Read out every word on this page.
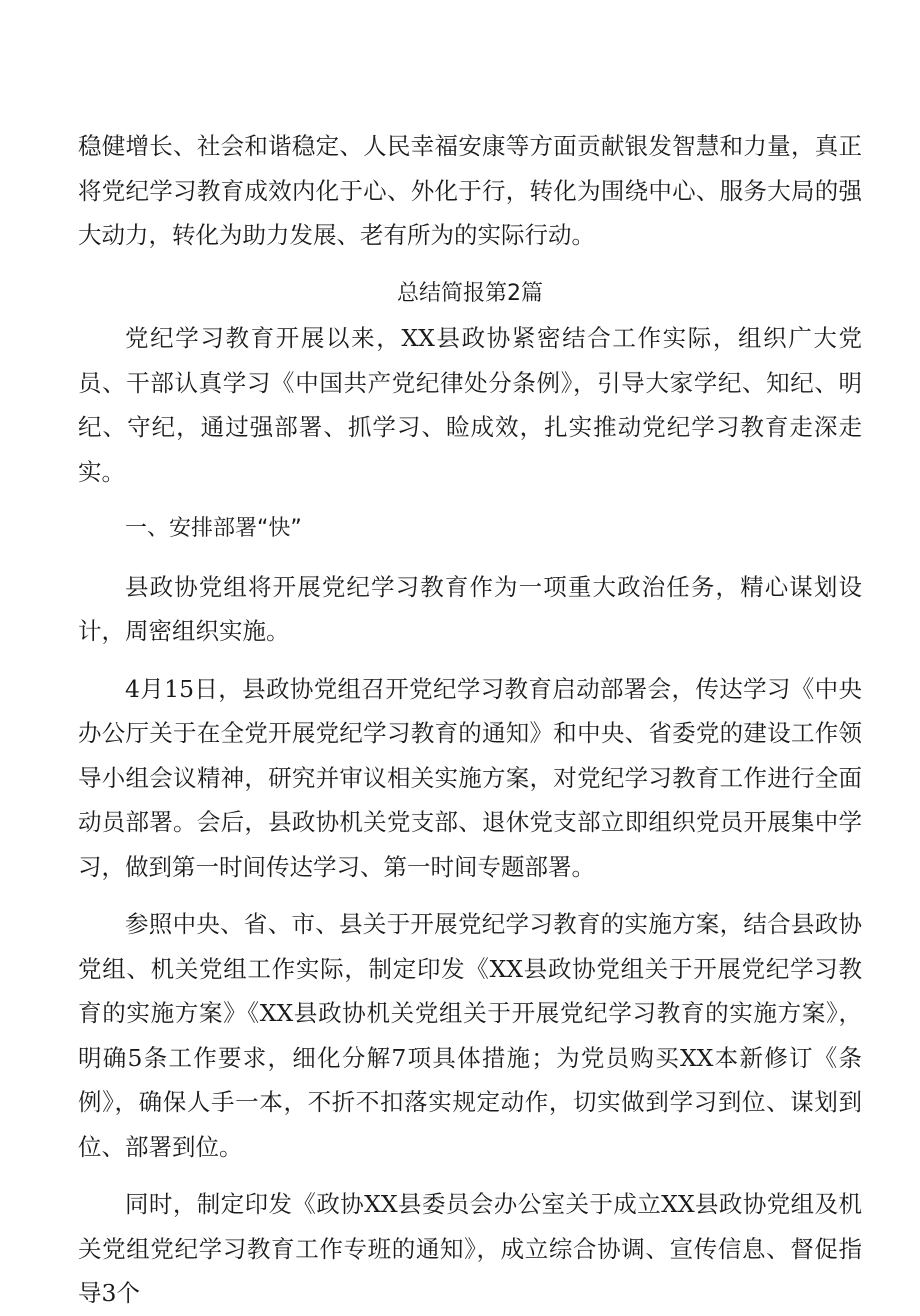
稳健增长、社会和谐稳定、人民幸福安康等方面贡献银发智慧和力量，真正将党纪学习教育成效内化于心、外化于行，转化为围绕中心、服务大局的强大动力，转化为助力发展、老有所为的实际行动。

总结简报第2篇

党纪学习教育开展以来，XX县政协紧密结合工作实际，组织广大党员、干部认真学习《中国共产党纪律处分条例》，引导大家学纪、知纪、明纪、守纪，通过强部署、抓学习、睑成效，扎实推动党纪学习教育走深走实。

一、安排部署“快”

县政协党组将开展党纪学习教育作为一项重大政治任务，精心谋划设计，周密组织实施。

4月15日，县政协党组召开党纪学习教育启动部署会，传达学习《中央办公厅关于在全党开展党纪学习教育的通知》和中央、省委党的建设工作领导小组会议精神，研究并审议相关实施方案，对党纪学习教育工作进行全面动员部署。会后，县政协机关党支部、退休党支部立即组织党员开展集中学习，做到第一时间传达学习、第一时间专题部署。

参照中央、省、市、县关于开展党纪学习教育的实施方案，结合县政协党组、机关党组工作实际，制定印发《XX县政协党组关于开展党纪学习教育的实施方案》《XX县政协机关党组关于开展党纪学习教育的实施方案》，明确5条工作要求，细化分解7项具体措施；为党员购买XX本新修订《条例》，确保人手一本，不折不扣落实规定动作，切实做到学习到位、谋划到位、部署到位。

同时，制定印发《政协XX县委员会办公室关于成立XX县政协党组及机关党组党纪学习教育工作专班的通知》，成立综合协调、宣传信息、督促指导3个
